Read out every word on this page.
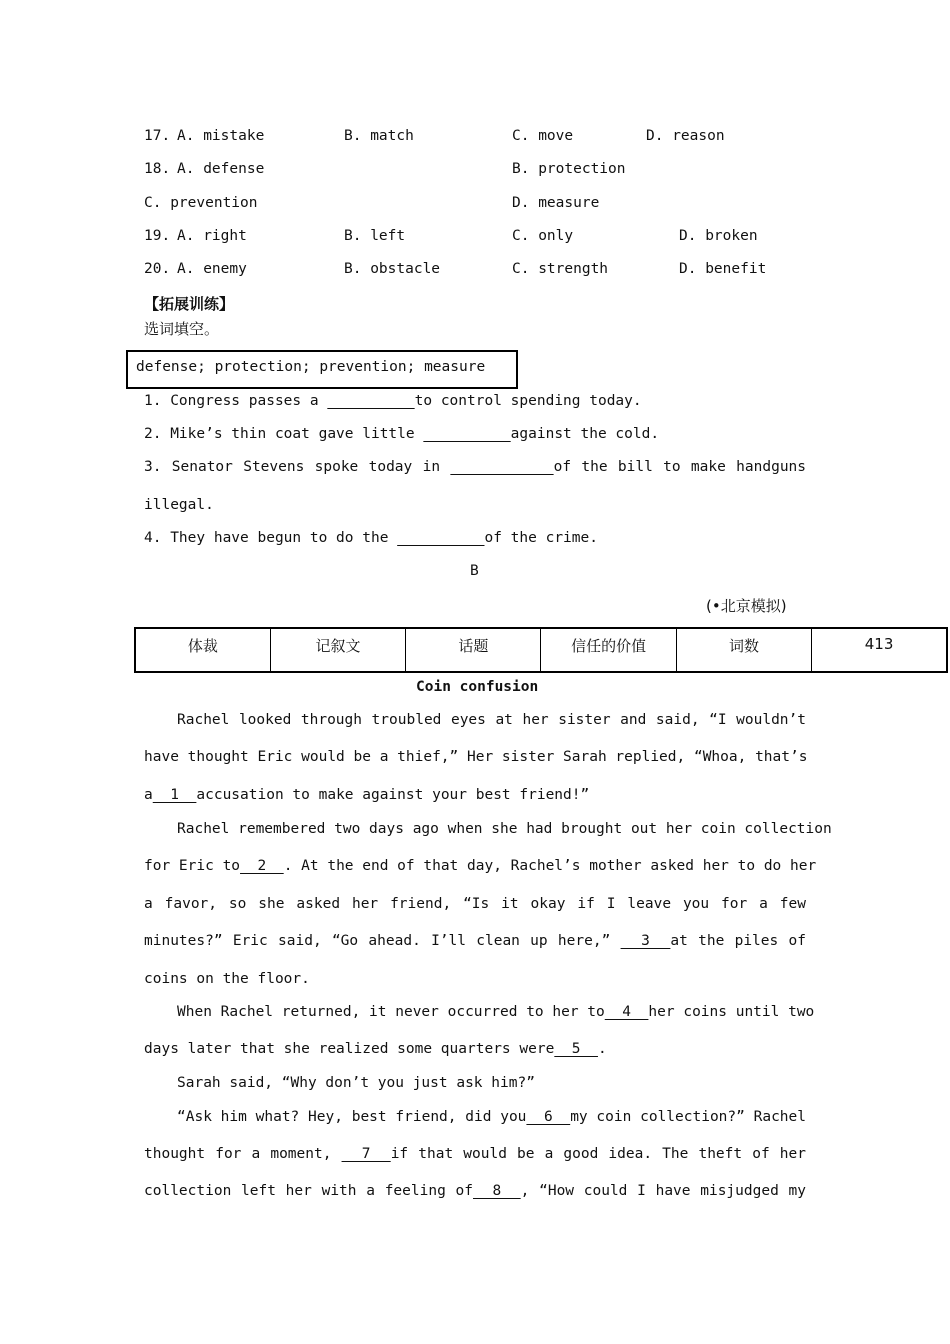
17. A. mistake	B. match	C. move	D. reason
18. A. defense	B. protection
C. prevention	D. measure
19. A. right	B. left	C. only	D. broken
20. A. enemy	B. obstacle	C. strength	D. benefit
【拓展训练】
选词填空。
defense; protection; prevention; measure
1. Congress passes a	to control spending today.
2. Mike’s thin coat gave little	against the cold.
3. Senator Stevens spoke today in	of the bill to make handguns
illegal.
4. They have begun to do the	of the crime.
B
(•北京模拟)
体裁	记叙文	话题	信任的价值	词数	413
Coin confusion
Rachel looked through troubled eyes at her sister and said, “I wouldn’t
have thought Eric would be a thief,” Her sister Sarah replied, “Whoa, that’s
a  1  accusation to make against your best friend!”
Rachel remembered two days ago when she had brought out her coin collection
for Eric to  2  . At the end of that day, Rachel’s mother asked her to do her
a favor, so she asked her friend, “Is it okay if I leave you for a few
minutes?” Eric said, “Go ahead. I’ll clean up here,”   3  at the piles of
coins on the floor.
When Rachel returned, it never occurred to her to  4  her coins until two
days later that she realized some quarters were  5  .
Sarah said, “Why don’t you just ask him?”
“Ask him what? Hey, best friend, did you  6  my coin collection?” Rachel
thought for a moment,   7  if that would be a good idea. The theft of her
collection left her with a feeling of  8  , “How could I have misjudged my
